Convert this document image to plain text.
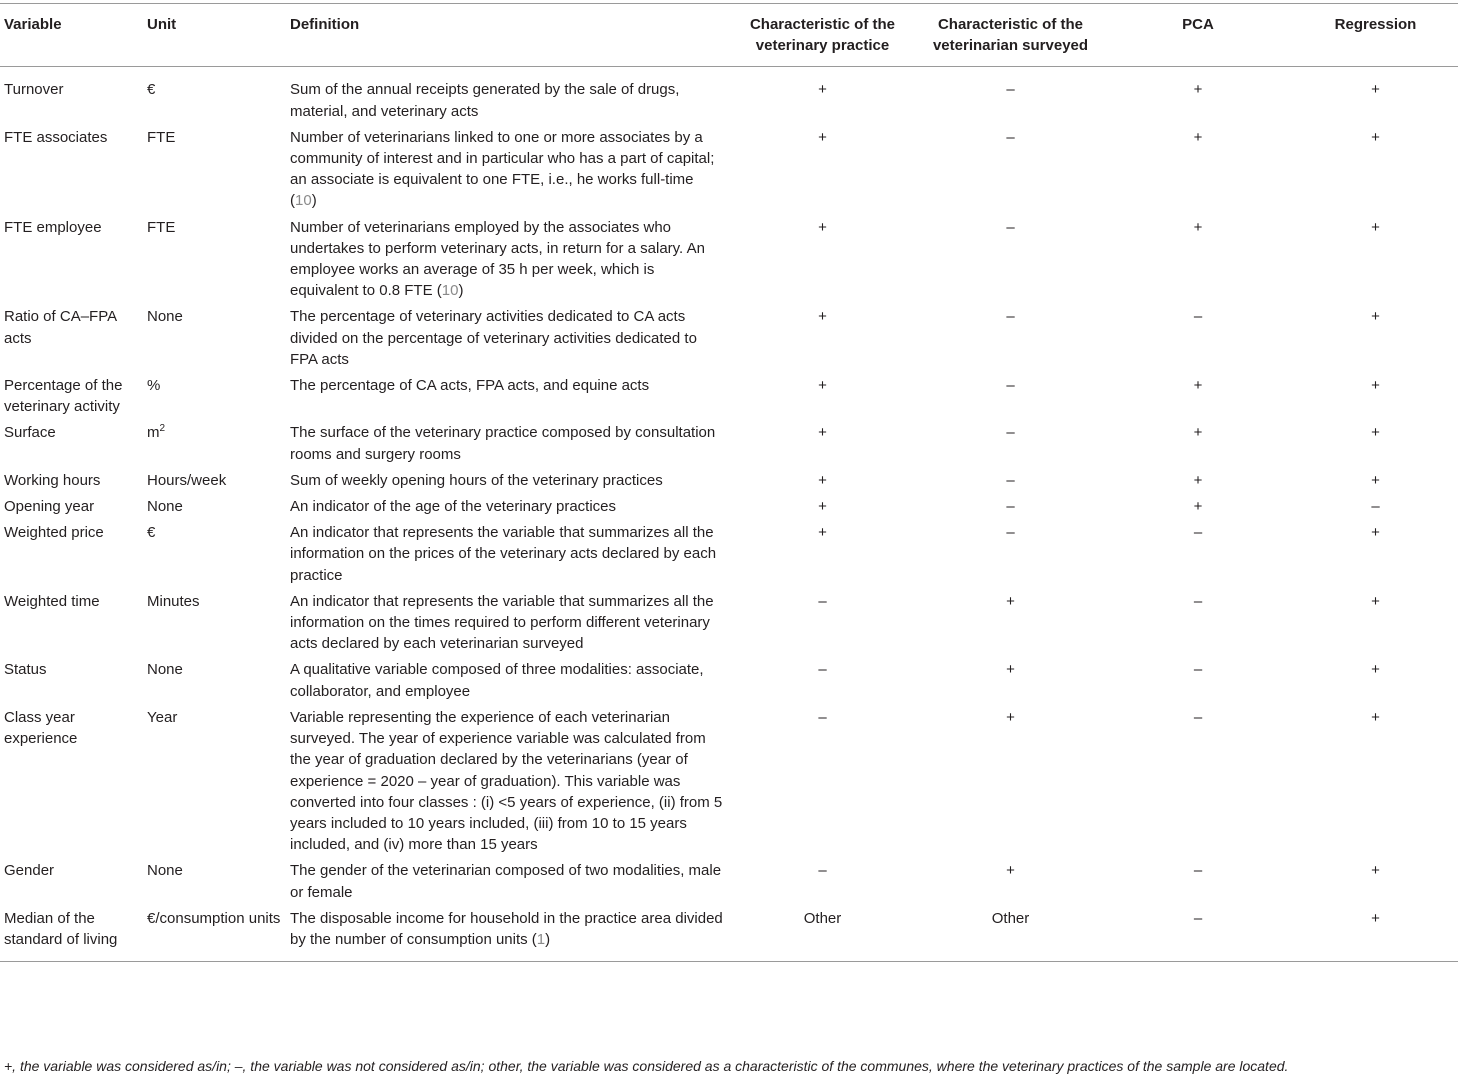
Variable	Unit	Definition	Characteristic of the veterinary practice	Characteristic of the veterinarian surveyed	PCA	Regression
Turnover	€	Sum of the annual receipts generated by the sale of drugs, material, and veterinary acts	+	–	+	+
FTE associates	FTE	Number of veterinarians linked to one or more associates by a community of interest and in particular who has a part of capital; an associate is equivalent to one FTE, i.e., he works full-time (10)	+	–	+	+
FTE employee	FTE	Number of veterinarians employed by the associates who undertakes to perform veterinary acts, in return for a salary. An employee works an average of 35 h per week, which is equivalent to 0.8 FTE (10)	+	–	+	+
Ratio of CA–FPA acts	None	The percentage of veterinary activities dedicated to CA acts divided on the percentage of veterinary activities dedicated to FPA acts	+	–	–	+
Percentage of the veterinary activity	%	The percentage of CA acts, FPA acts, and equine acts	+	–	+	+
Surface	$m^2$	The surface of the veterinary practice composed by consultation rooms and surgery rooms	+	–	+	+
Working hours	Hours/week	Sum of weekly opening hours of the veterinary practices	+	–	+	+
Opening year	None	An indicator of the age of the veterinary practices	+	–	+	–
Weighted price	€	An indicator that represents the variable that summarizes all the information on the prices of the veterinary acts declared by each practice	+	–	–	+
Weighted time	Minutes	An indicator that represents the variable that summarizes all the information on the times required to perform different veterinary acts declared by each veterinarian surveyed	–	+	–	+
Status	None	A qualitative variable composed of three modalities: associate, collaborator, and employee	–	+	–	+
Class year experience	Year	Variable representing the experience of each veterinarian surveyed. The year of experience variable was calculated from the year of graduation declared by the veterinarians (year of experience = 2020 – year of graduation). This variable was converted into four classes : (i) <5 years of experience, (ii) from 5 years included to 10 years included, (iii) from 10 to 15 years included, and (iv) more than 15 years	–	+	–	+
Gender	None	The gender of the veterinarian composed of two modalities, male or female	–	+	–	+
Median of the standard of living	€/consumption units	The disposable income for household in the practice area divided by the number of consumption units (1)	Other	Other	–	+
+, the variable was considered as/in; –, the variable was not considered as/in; other, the variable was considered as a characteristic of the communes, where the veterinary practices of the sample are located.
